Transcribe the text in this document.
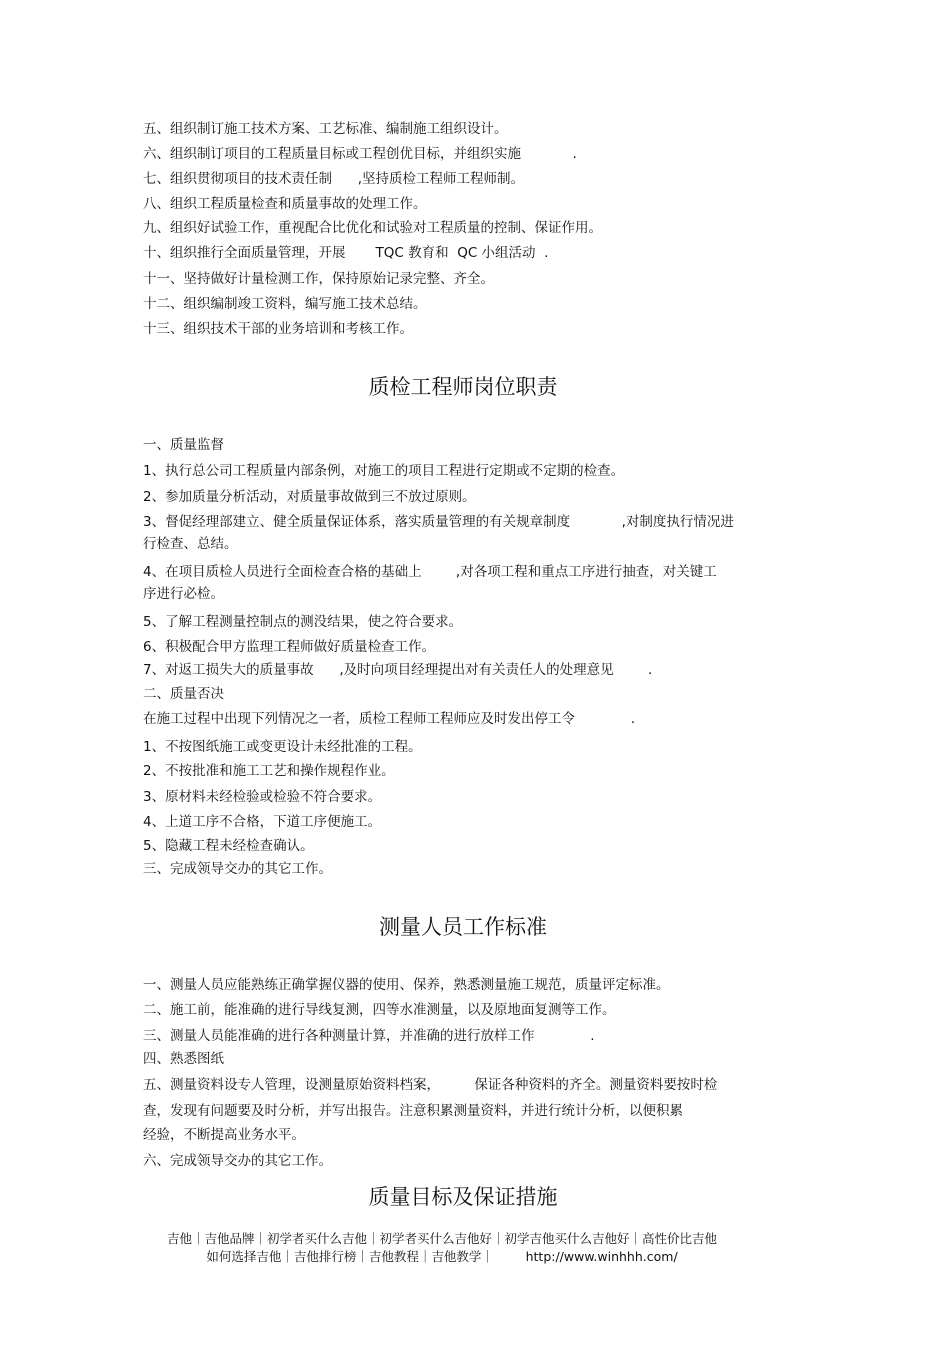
五、组织制订施工技术方案、工艺标准、编制施工组织设计。
六、组织制订项目的工程质量目标或工程创优目标，并组织实施            .
七、组织贯彻项目的技术责任制      ,坚持质检工程师工程师制。
八、组织工程质量检查和质量事故的处理工作。
九、组织好试验工作，重视配合比优化和试验对工程质量的控制、保证作用。
十、组织推行全面质量管理，开展       TQC 教育和  QC 小组活动  .
十一、坚持做好计量检测工作，保持原始记录完整、齐全。
十二、组织编制竣工资料，编写施工技术总结。
十三、组织技术干部的业务培训和考核工作。
质检工程师岗位职责
一、质量监督
1、执行总公司工程质量内部条例，对施工的项目工程进行定期或不定期的检查。
2、参加质量分析活动，对质量事故做到三不放过原则。
3、督促经理部建立、健全质量保证体系，落实质量管理的有关规章制度            ,对制度执行情况进
行检查、总结。
4、在项目质检人员进行全面检查合格的基础上        ,对各项工程和重点工序进行抽查，对关键工
序进行必检。
5、了解工程测量控制点的测没结果，使之符合要求。
6、积极配合甲方监理工程师做好质量检查工作。
7、对返工损失大的质量事故      ,及时向项目经理提出对有关责任人的处理意见        .
二、质量否决
在施工过程中出现下列情况之一者，质检工程师工程师应及时发出停工令             .
1、不按图纸施工或变更设计未经批准的工程。
2、不按批准和施工工艺和操作规程作业。
3、原材料未经检验或检验不符合要求。
4、上道工序不合格，下道工序便施工。
5、隐藏工程未经检查确认。
三、完成领导交办的其它工作。
测量人员工作标准
一、测量人员应能熟练正确掌握仪器的使用、保养，熟悉测量施工规范，质量评定标准。
二、施工前，能准确的进行导线复测，四等水准测量，以及原地面复测等工作。
三、测量人员能准确的进行各种测量计算，并准确的进行放样工作             .
四、熟悉图纸
五、测量资料设专人管理，设测量原始资料档案，        保证各种资料的齐全。测量资料要按时检
查，发现有问题要及时分析，并写出报告。注意积累测量资料，并进行统计分析，以便积累
经验，不断提高业务水平。
六、完成领导交办的其它工作。
质量目标及保证措施
吉他｜吉他品牌｜初学者买什么吉他｜初学者买什么吉他好｜初学吉他买什么吉他好｜高性价比吉他
如何选择吉他｜吉他排行榜｜吉他教程｜吉他教学｜        http://www.winhhh.com/
